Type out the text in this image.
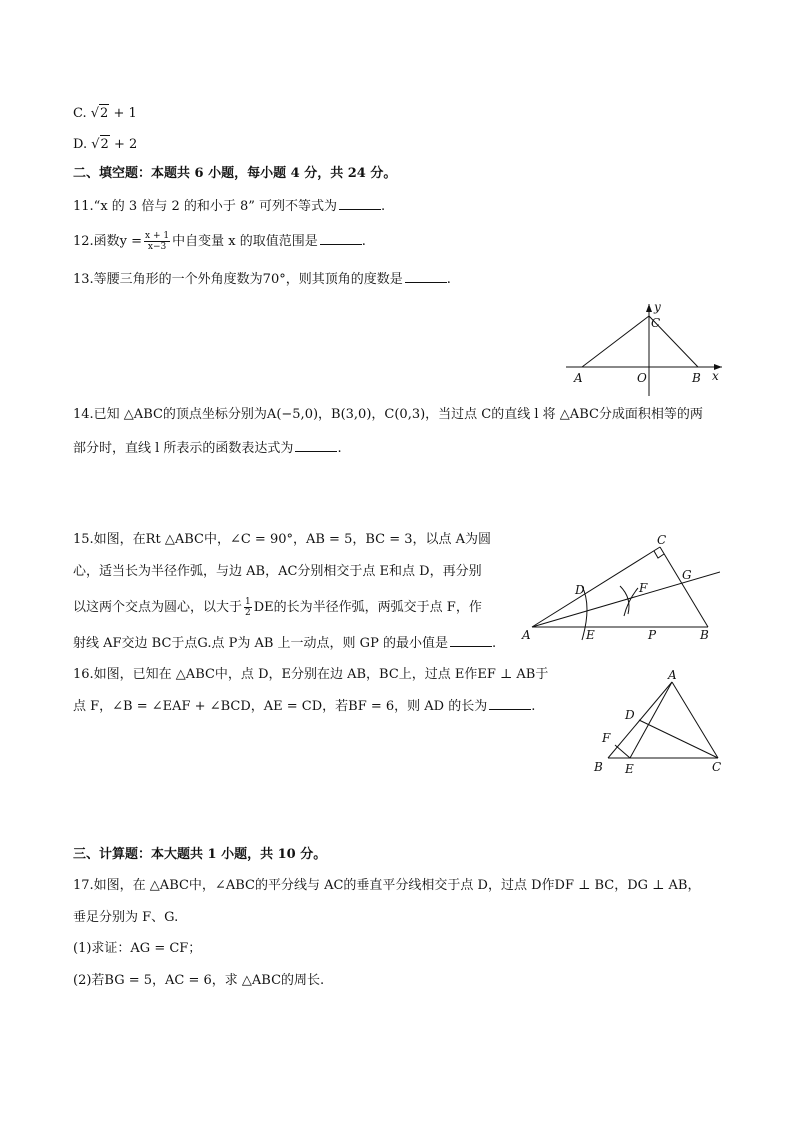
C. √2 + 1
D. √2 + 2
二、填空题：本题共 6 小题，每小题 4 分，共 24 分。
11.“x 的 3 倍与 2 的和小于 8” 可列不等式为	.
12.函数$y = \frac{x + 1}{x-3}$ 中自变量 x 的取值范围是	.
13.等腰三角形的一个外角度数为70°，则其顶角的度数是	.
A	O	B
C
x
y
14.已知 △ABC的顶点坐标分别为A(−5,0)，B(3,0)，C(0,3)，当过点 C的直线 l 将 △ABC分成面积相等的两
部分时，直线 l 所表示的函数表达式为	.
15.如图，在Rt △ABC中，∠C = 90°，AB = 5，BC = 3，以点 A为圆
心，适当长为半径作弧，与边 AB，AC分别相交于点 E和点 D，再分别
以这两个交点为圆心，以大于 $\frac{1}{2}$ DE的长为半径作弧，两弧交于点 F，作
射线 AF交边 BC于点G.点 P为 AB 上一动点，则 GP 的最小值是	.
A	B
C
D
E
F
G
P
16.如图，已知在 △ABC中，点 D，E分别在边 AB，BC上，过点 E作EF ⊥ AB于
点 F，∠B = ∠EAF + ∠BCD，AE = CD，若BF = 6，则 AD 的长为	.
A
B	C
D
E
F
三、计算题：本大题共 1 小题，共 10 分。
17.如图，在 △ABC中，∠ABC的平分线与 AC的垂直平分线相交于点 D，过点 D作DF ⊥ BC，DG ⊥ AB，
垂足分别为 F、G.
(1)求证：AG = CF；
(2)若BG = 5，AC = 6，求 △ABC的周长.
